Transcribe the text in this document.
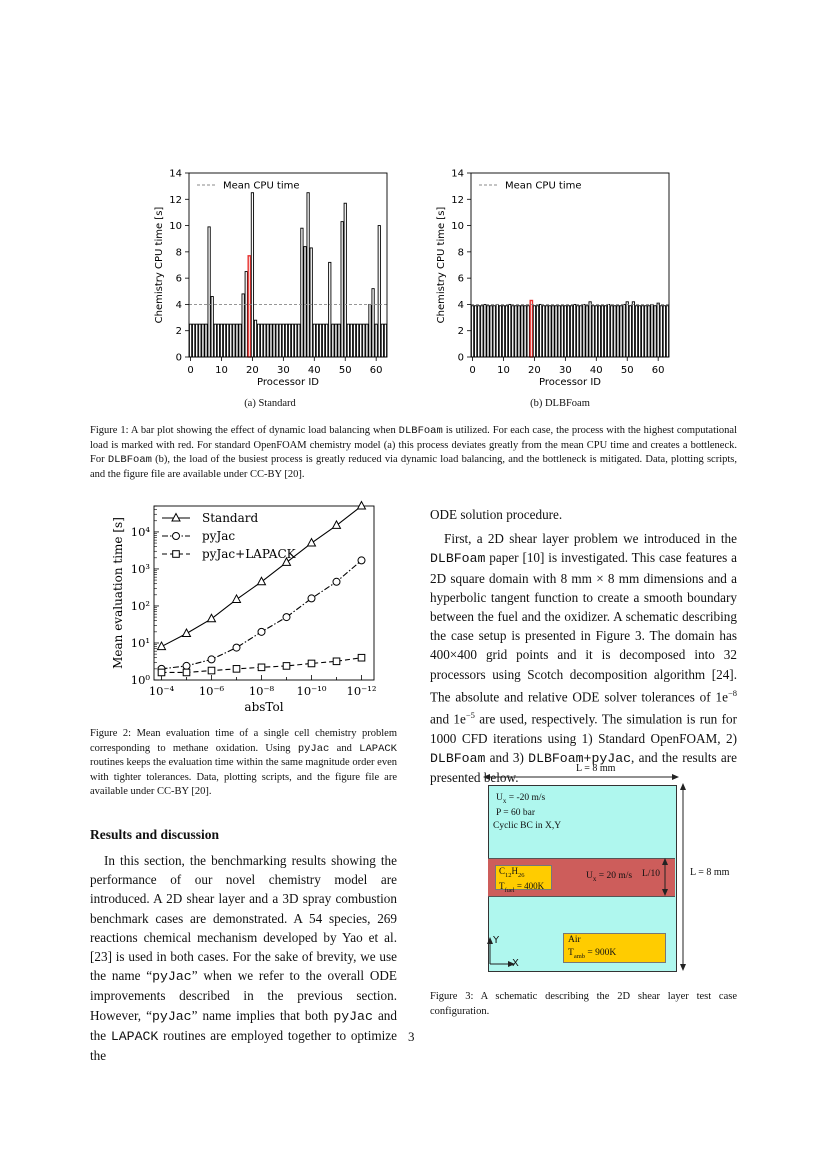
0
2
4
6
8
10
12
14
0 10 20 30 40 50 60
Mean CPU time
Processor ID
Chemistry CPU time [s]
0
2
4
6
8
10
12
14
0 10 20 30 40 50 60
Mean CPU time
Processor ID
Chemistry CPU time [s]
(a) Standard	(b) DLBFoam
Figure 1: A bar plot showing the effect of dynamic load balancing when DLBFoam is utilized. For each case, the process with the highest computational load is marked with red. For standard OpenFOAM chemistry model (a) this process deviates greatly from the mean CPU time and creates a bottleneck. For DLBFoam (b), the load of the busiest process is greatly reduced via dynamic load balancing, and the bottleneck is mitigated. Data, plotting scripts, and the figure file are available under CC-BY [20].
10⁻⁴ 10⁻⁶ 10⁻⁸ 10⁻¹⁰ 10⁻¹²
10⁰
10¹
10²
10³
10⁴
Standard
pyJac
pyJac+LAPACK
absTol
Mean evaluation time [s]
Figure 2: Mean evaluation time of a single cell chemistry problem corresponding to methane oxidation. Using pyJac and LAPACK routines keeps the evaluation time within the same magnitude order even with tighter tolerances. Data, plotting scripts, and the figure file are available under CC-BY [20].
Results and discussion

In this section, the benchmarking results showing the performance of our novel chemistry model are introduced. A 2D shear layer and a 3D spray combustion benchmark cases are demonstrated. A 54 species, 269 reactions chemical mechanism developed by Yao et al. [23] is used in both cases. For the sake of brevity, we use the name “pyJac” when we refer to the overall ODE improvements described in the previous section. However, “pyJac” name implies that both pyJac and the LAPACK routines are employed together to optimize the

ODE solution procedure.

First, a 2D shear layer problem we introduced in the DLBFoam paper [10] is investigated. This case features a 2D square domain with 8 mm × 8 mm dimensions and a hyperbolic tangent function to create a smooth boundary between the fuel and the oxidizer. A schematic describing the case setup is presented in Figure 3. The domain has 400×400 grid points and it is decomposed into 32 processors using Scotch decomposition algorithm [24]. The absolute and relative ODE solver tolerances of $1e^{-8}$ and $1e^{-5}$ are used, respectively. The simulation is run for 1000 CFD iterations using 1) Standard OpenFOAM, 2) DLBFoam and 3) DLBFoam+pyJac, and the results are presented below.

L = 8 mm
L = 8 mm
$U_x = -20$ m/s
P = 60 bar
Cyclic BC in X,Y
$C_{12}H_{26}$
$T_{fuel} = 400K$
$U_x = 20$ m/s L/10
Air
$T_{amb} = 900K$
Y
X
Figure 3: A schematic describing the 2D shear layer test case configuration.
3
